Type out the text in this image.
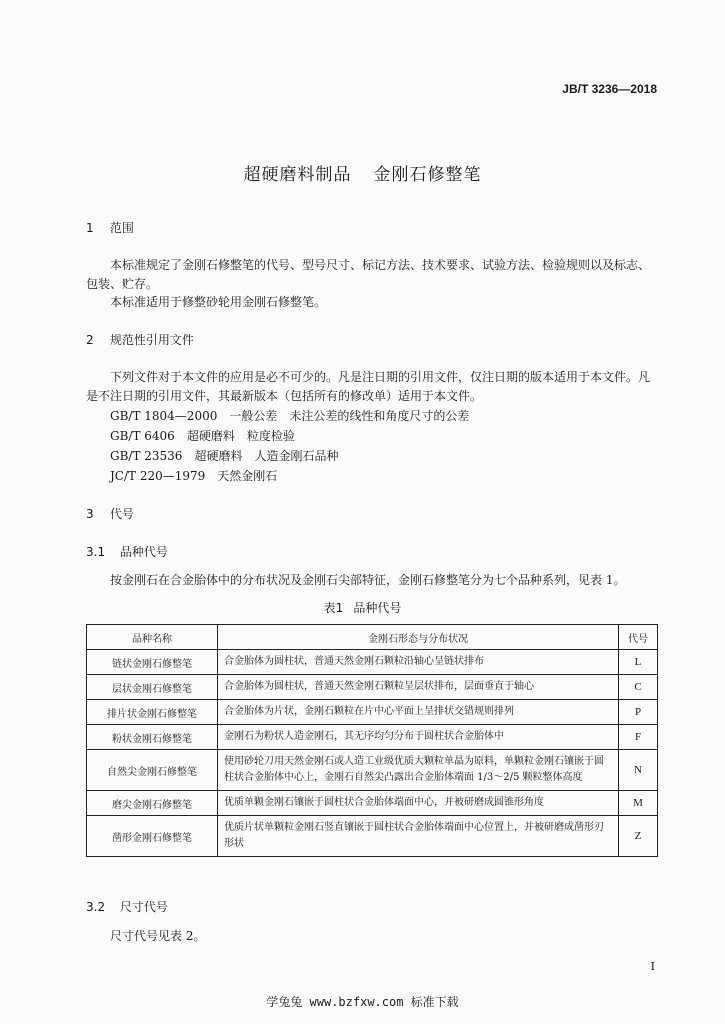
JB/T 3236—2018
超硬磨料制品 金刚石修整笔
1 范围

本标准规定了金刚石修整笔的代号、型号尺寸、标记方法、技术要求、试验方法、检验规则以及标志、包装、贮存。

本标准适用于修整砂轮用金刚石修整笔。

2 规范性引用文件

下列文件对于本文件的应用是必不可少的。凡是注日期的引用文件，仅注日期的版本适用于本文件。凡是不注日期的引用文件，其最新版本（包括所有的修改单）适用于本文件。

GB/T 1804—2000 一般公差　未注公差的线性和角度尺寸的公差
GB/T 6406 超硬磨料　粒度检验
GB/T 23536 超硬磨料　人造金刚石品种
JC/T 220—1979 天然金刚石
3 代号
3.1 品种代号

按金刚石在合金胎体中的分布状况及金刚石尖部特征，金刚石修整笔分为七个品种系列，见表 1。

表1 品种代号
品种名称	金刚石形态与分布状况	代号
链状金刚石修整笔	合金胎体为圆柱状，普通天然金刚石颗粒沿轴心呈链状排布	L
层状金刚石修整笔	合金胎体为圆柱状，普通天然金刚石颗粒呈层状排布，层面垂直于轴心	C
排片状金刚石修整笔	合金胎体为片状，金刚石颗粒在片中心平面上呈排状交错规则排列	P
粉状金刚石修整笔	金刚石为粉状人造金刚石，其无序均匀分布于圆柱状合金胎体中	F
自然尖金刚石修整笔	使用砂轮刀用天然金刚石或人造工业级优质大颗粒单晶为原料，单颗粒金刚石镶嵌于圆柱状合金胎体中心上，金刚石自然尖凸露出合金胎体端面 1/3～2/5 颗粒整体高度	N
磨尖金刚石修整笔	优质单颗金刚石镶嵌于圆柱状合金胎体端面中心，并被研磨成圆锥形角度	M
凿形金刚石修整笔	优质片状单颗粒金刚石竖直镶嵌于圆柱状合金胎体端面中心位置上，并被研磨成凿形刃形状	Z
3.2 尺寸代号

尺寸代号见表 2。

I
学兔兔 www.bzfxw.com 标准下载
